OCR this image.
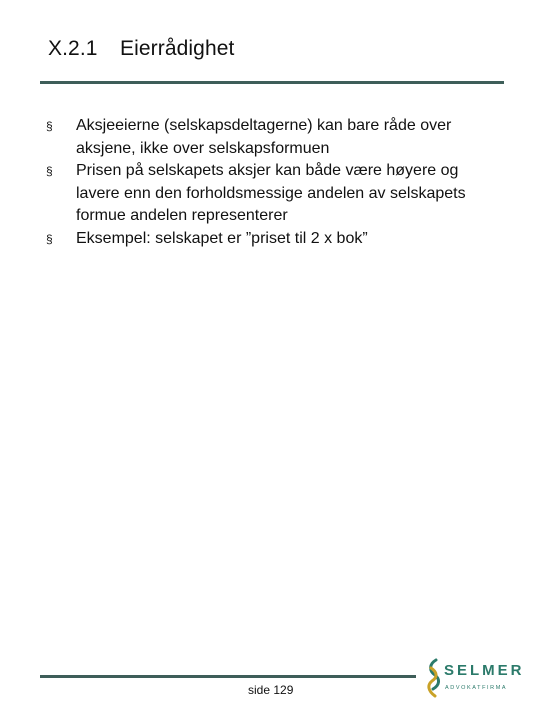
X.2.1 Eierrådighet
§	Aksjeeierne (selskapsdeltagerne) kan bare råde over aksjene, ikke over selskapsformuen
§	Prisen på selskapets aksjer kan både være høyere og lavere enn den forholdsmessige andelen av selskapets formue andelen representerer
§	Eksempel: selskapet er ”priset til 2 x bok”
side 129
SELMER
ADVOKATFIRMA
